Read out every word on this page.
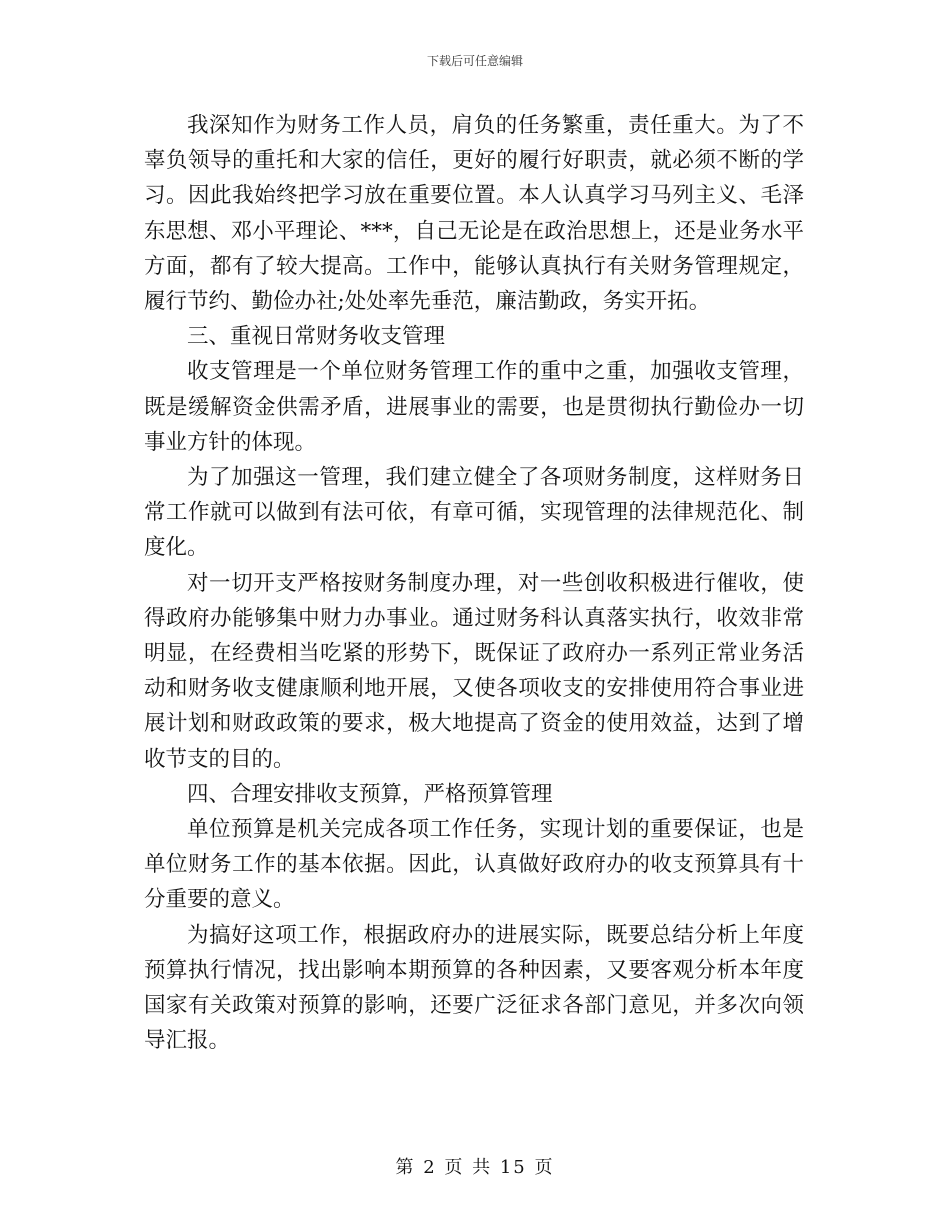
下载后可任意编辑

我深知作为财务工作人员，肩负的任务繁重，责任重大。为了不辜负领导的重托和大家的信任，更好的履行好职责，就必须不断的学习。因此我始终把学习放在重要位置。本人认真学习马列主义、毛泽东思想、邓小平理论、***，自己无论是在政治思想上，还是业务水平方面，都有了较大提高。工作中，能够认真执行有关财务管理规定，履行节约、勤俭办社;处处率先垂范，廉洁勤政，务实开拓。

三、重视日常财务收支管理

收支管理是一个单位财务管理工作的重中之重，加强收支管理，既是缓解资金供需矛盾，进展事业的需要，也是贯彻执行勤俭办一切事业方针的体现。

为了加强这一管理，我们建立健全了各项财务制度，这样财务日常工作就可以做到有法可依，有章可循，实现管理的法律规范化、制度化。

对一切开支严格按财务制度办理，对一些创收积极进行催收，使得政府办能够集中财力办事业。通过财务科认真落实执行，收效非常明显，在经费相当吃紧的形势下，既保证了政府办一系列正常业务活动和财务收支健康顺利地开展，又使各项收支的安排使用符合事业进展计划和财政政策的要求，极大地提高了资金的使用效益，达到了增收节支的目的。

四、合理安排收支预算，严格预算管理

单位预算是机关完成各项工作任务，实现计划的重要保证，也是单位财务工作的基本依据。因此，认真做好政府办的收支预算具有十分重要的意义。

为搞好这项工作，根据政府办的进展实际，既要总结分析上年度预算执行情况，找出影响本期预算的各种因素，又要客观分析本年度国家有关政策对预算的影响，还要广泛征求各部门意见，并多次向领导汇报。

第 2 页 共 15 页
